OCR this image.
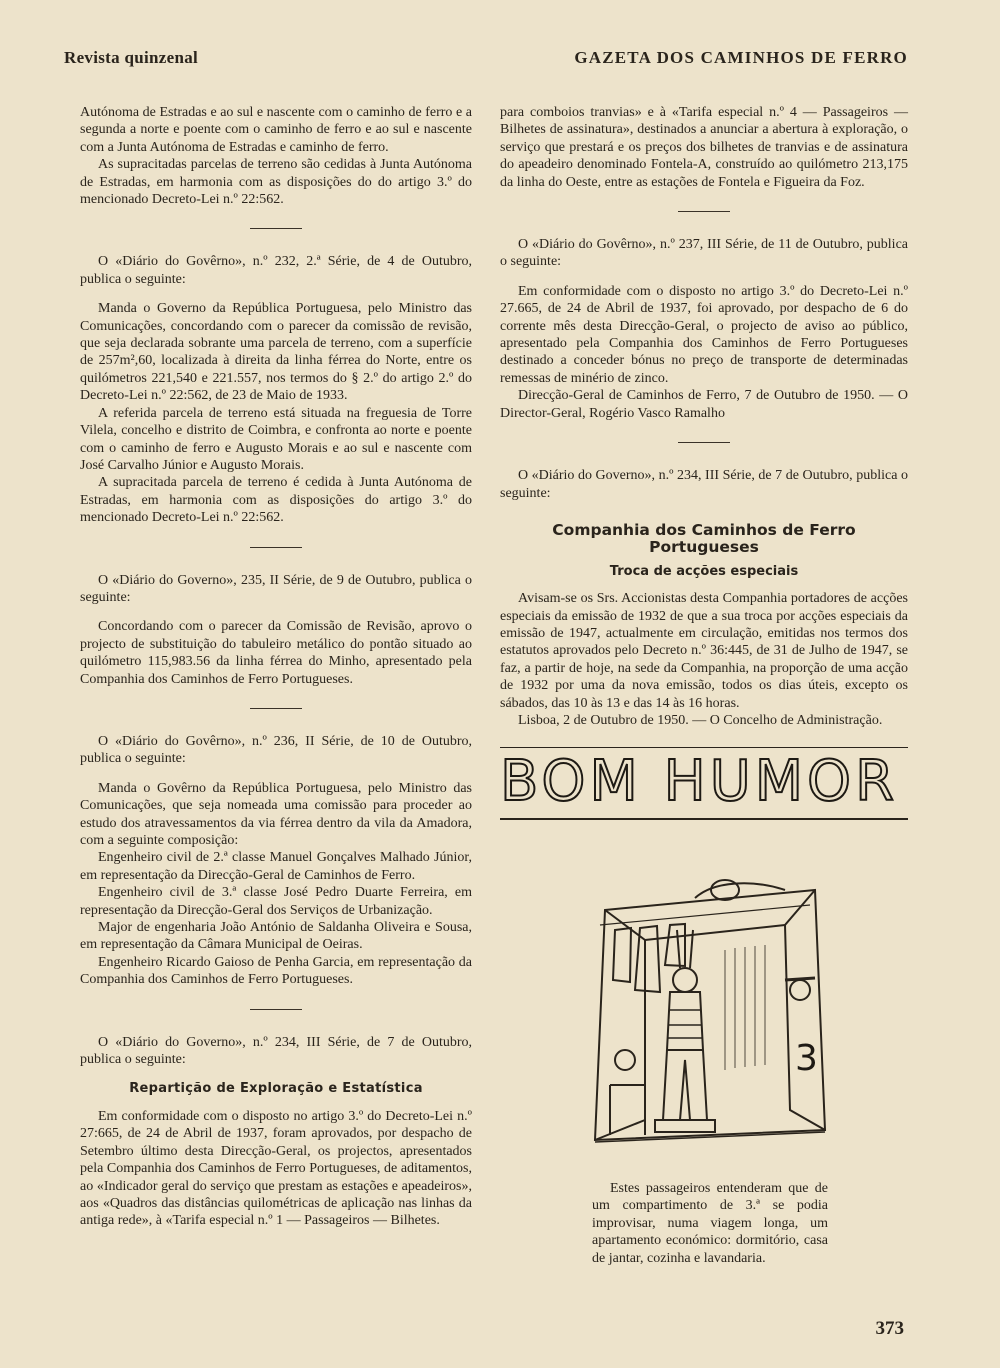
Revista quinzenal	GAZETA DOS CAMINHOS DE FERRO

Autónoma de Estradas e ao sul e nascente com o caminho de ferro e a segunda a norte e poente com o caminho de ferro e ao sul e nascente com a Junta Autónoma de Estradas e caminho de ferro.

As supracitadas parcelas de terreno são cedidas à Junta Autónoma de Estradas, em harmonia com as disposições do do artigo 3.º do mencionado Decreto-Lei n.º 22:562.

O «Diário do Govêrno», n.º 232, 2.ª Série, de 4 de Outubro, publica o seguinte:

Manda o Governo da República Portuguesa, pelo Ministro das Comunicações, concordando com o parecer da comissão de revisão, que seja declarada sobrante uma parcela de terreno, com a superfície de 257m²,60, localizada à direita da linha férrea do Norte, entre os quilómetros 221,540 e 221.557, nos termos do § 2.º do artigo 2.º do Decreto-Lei n.º 22:562, de 23 de Maio de 1933.

A referida parcela de terreno está situada na freguesia de Torre Vilela, concelho e distrito de Coimbra, e confronta ao norte e poente com o caminho de ferro e Augusto Morais e ao sul e nascente com José Carvalho Júnior e Augusto Morais.

A supracitada parcela de terreno é cedida à Junta Autónoma de Estradas, em harmonia com as disposições do artigo 3.º do mencionado Decreto-Lei n.º 22:562.

O «Diário do Governo», 235, II Série, de 9 de Outubro, publica o seguinte:

Concordando com o parecer da Comissão de Revisão, aprovo o projecto de substituição do tabuleiro metálico do pontão situado ao quilómetro 115,983.56 da linha férrea do Minho, apresentado pela Companhia dos Caminhos de Ferro Portugueses.

O «Diário do Govêrno», n.º 236, II Série, de 10 de Outubro, publica o seguinte:

Manda o Govêrno da República Portuguesa, pelo Ministro das Comunicações, que seja nomeada uma comissão para proceder ao estudo dos atravessamentos da via férrea dentro da vila da Amadora, com a seguinte composição:

Engenheiro civil de 2.ª classe Manuel Gonçalves Malhado Júnior, em representação da Direcção-Geral de Caminhos de Ferro.

Engenheiro civil de 3.ª classe José Pedro Duarte Ferreira, em representação da Direcção-Geral dos Serviços de Urbanização.

Major de engenharia João António de Saldanha Oliveira e Sousa, em representação da Câmara Municipal de Oeiras.

Engenheiro Ricardo Gaioso de Penha Garcia, em representação da Companhia dos Caminhos de Ferro Portugueses.

O «Diário do Governo», n.º 234, III Série, de 7 de Outubro, publica o seguinte:

Repartição de Exploração e Estatística

Em conformidade com o disposto no artigo 3.º do Decreto-Lei n.º 27:665, de 24 de Abril de 1937, foram aprovados, por despacho de Setembro último desta Direcção-Geral, os projectos, apresentados pela Companhia dos Caminhos de Ferro Portugueses, de aditamentos, ao «Indicador geral do serviço que prestam as estações e apeadeiros», aos «Quadros das distâncias quilométricas de aplicação nas linhas da antiga rede», à «Tarifa especial n.º 1 — Passageiros — Bilhetes.

para comboios tranvias» e à «Tarifa especial n.º 4 — Passageiros — Bilhetes de assinatura», destinados a anunciar a abertura à exploração, o serviço que prestará e os preços dos bilhetes de tranvias e de assinatura do apeadeiro denominado Fontela-A, construído ao quilómetro 213,175 da linha do Oeste, entre as estações de Fontela e Figueira da Foz.

O «Diário do Govêrno», n.º 237, III Série, de 11 de Outubro, publica o seguinte:

Em conformidade com o disposto no artigo 3.º do Decreto-Lei n.º 27.665, de 24 de Abril de 1937, foi aprovado, por despacho de 6 do corrente mês desta Direcção-Geral, o projecto de aviso ao público, apresentado pela Companhia dos Caminhos de Ferro Portugueses destinado a conceder bónus no preço de transporte de determinadas remessas de minério de zinco.

Direcção-Geral de Caminhos de Ferro, 7 de Outubro de 1950. — O Director-Geral, Rogério Vasco Ramalho

O «Diário do Governo», n.º 234, III Série, de 7 de Outubro, publica o seguinte:

Companhia dos Caminhos de Ferro Portugueses
Troca de acções especiais

Avisam-se os Srs. Accionistas desta Companhia portadores de acções especiais da emissão de 1932 de que a sua troca por acções especiais da emissão de 1947, actualmente em circulação, emitidas nos termos dos estatutos aprovados pelo Decreto n.º 36:445, de 31 de Julho de 1947, se faz, a partir de hoje, na sede da Companhia, na proporção de uma acção de 1932 por uma da nova emissão, todos os dias úteis, excepto os sábados, das 10 às 13 e das 14 às 16 horas.

Lisboa, 2 de Outubro de 1950. — O Concelho de Administração.

BOM HUMOR
3

Estes passageiros entenderam que de um compartimento de 3.ª se podia improvisar, numa viagem longa, um apartamento económico: dormitório, casa de jantar, cozinha e lavandaria.

373
